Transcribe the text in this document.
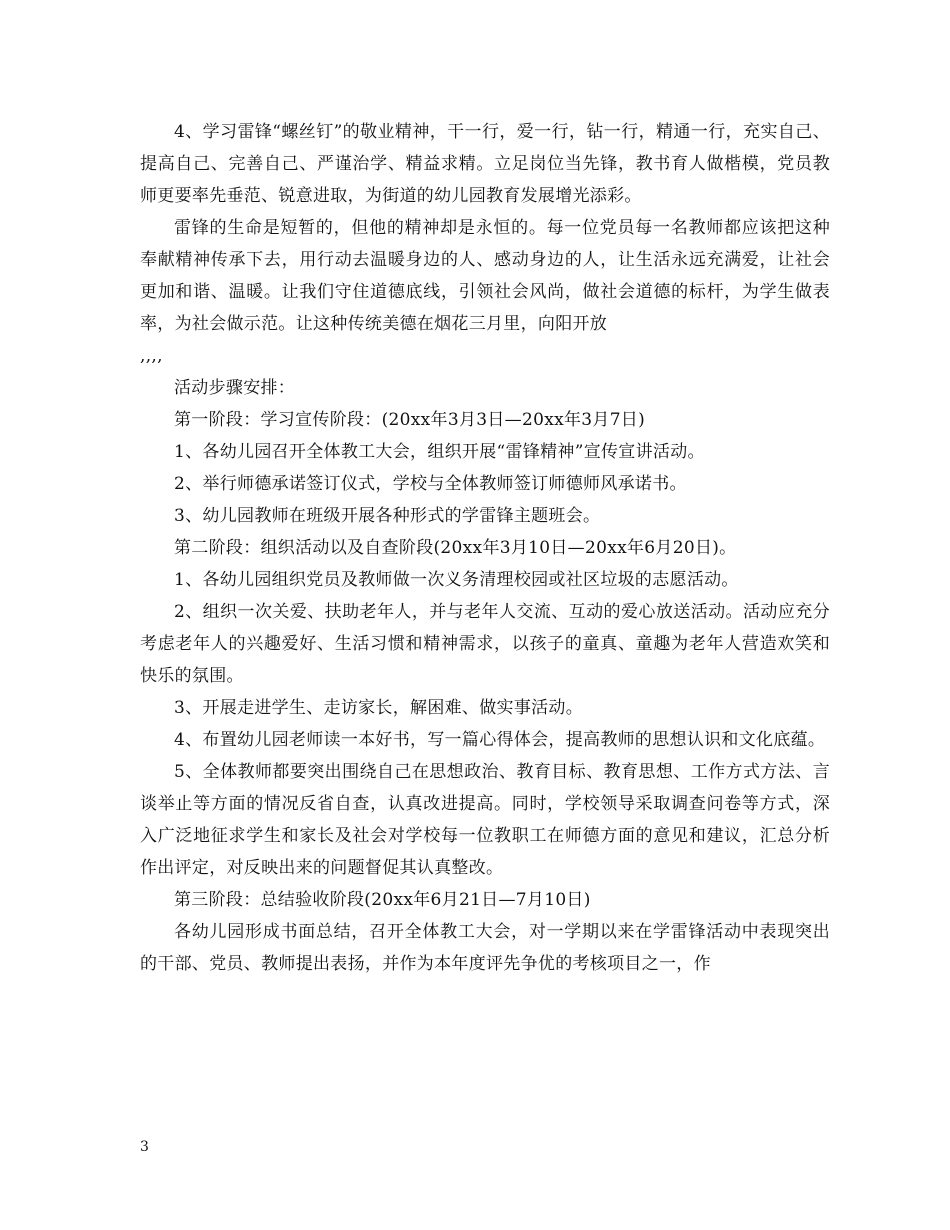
4、学习雷锋“螺丝钉”的敬业精神，干一行，爱一行，钻一行，精通一行，充实自己、提高自己、完善自己、严谨治学、精益求精。立足岗位当先锋，教书育人做楷模，党员教师更要率先垂范、锐意进取，为街道的幼儿园教育发展增光添彩。

雷锋的生命是短暂的，但他的精神却是永恒的。每一位党员每一名教师都应该把这种奉献精神传承下去，用行动去温暖身边的人、感动身边的人，让生活永远充满爱，让社会更加和谐、温暖。让我们守住道德底线，引领社会风尚，做社会道德的标杆，为学生做表率，为社会做示范。让这种传统美德在烟花三月里，向阳开放

,,,,

活动步骤安排：

第一阶段：学习宣传阶段：(20xx年3月3日—20xx年3月7日)

1、各幼儿园召开全体教工大会，组织开展“雷锋精神”宣传宣讲活动。

2、举行师德承诺签订仪式，学校与全体教师签订师德师风承诺书。

3、幼儿园教师在班级开展各种形式的学雷锋主题班会。

第二阶段：组织活动以及自查阶段(20xx年3月10日—20xx年6月20日)。

1、各幼儿园组织党员及教师做一次义务清理校园或社区垃圾的志愿活动。

2、组织一次关爱、扶助老年人，并与老年人交流、互动的爱心放送活动。活动应充分考虑老年人的兴趣爱好、生活习惯和精神需求，以孩子的童真、童趣为老年人营造欢笑和快乐的氛围。

3、开展走进学生、走访家长，解困难、做实事活动。

4、布置幼儿园老师读一本好书，写一篇心得体会，提高教师的思想认识和文化底蕴。

5、全体教师都要突出围绕自己在思想政治、教育目标、教育思想、工作方式方法、言谈举止等方面的情况反省自查，认真改进提高。同时，学校领导采取调查问卷等方式，深入广泛地征求学生和家长及社会对学校每一位教职工在师德方面的意见和建议，汇总分析作出评定，对反映出来的问题督促其认真整改。

第三阶段：总结验收阶段(20xx年6月21日—7月10日)

各幼儿园形成书面总结，召开全体教工大会，对一学期以来在学雷锋活动中表现突出的干部、党员、教师提出表扬，并作为本年度评先争优的考核项目之一，作

3
